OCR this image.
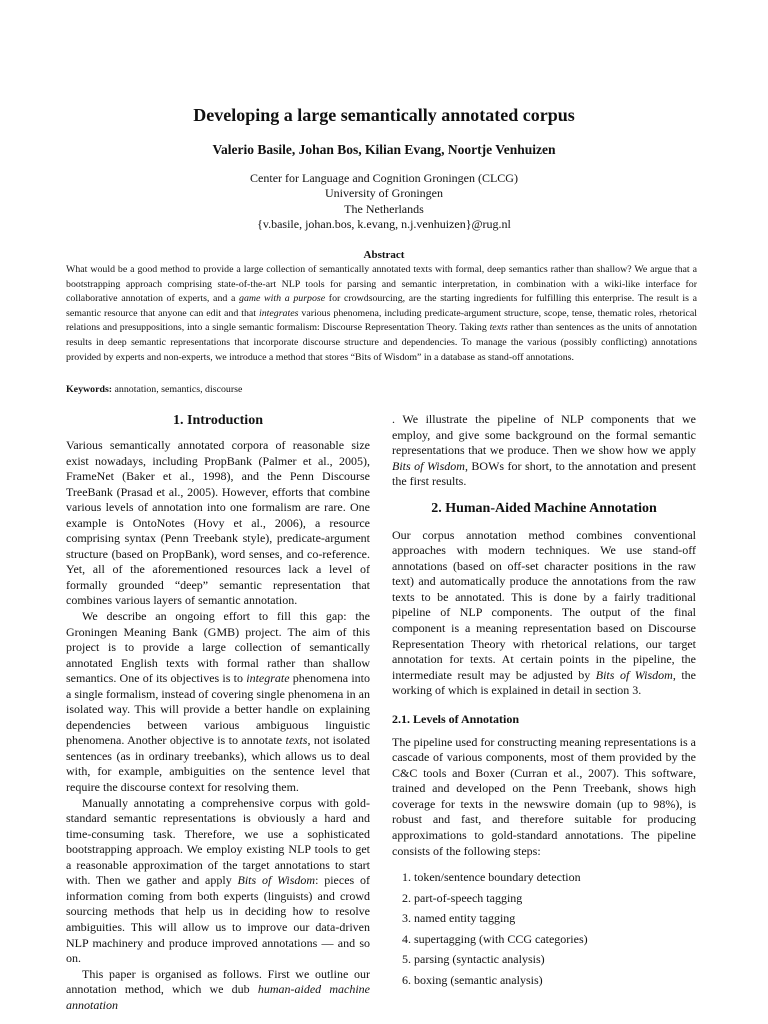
Developing a large semantically annotated corpus
Valerio Basile, Johan Bos, Kilian Evang, Noortje Venhuizen
Center for Language and Cognition Groningen (CLCG)
University of Groningen
The Netherlands
{v.basile, johan.bos, k.evang, n.j.venhuizen}@rug.nl
Abstract

What would be a good method to provide a large collection of semantically annotated texts with formal, deep semantics rather than shallow? We argue that a bootstrapping approach comprising state-of-the-art NLP tools for parsing and semantic interpretation, in combination with a wiki-like interface for collaborative annotation of experts, and a game with a purpose for crowdsourcing, are the starting ingredients for fulfilling this enterprise. The result is a semantic resource that anyone can edit and that integrates various phenomena, including predicate-argument structure, scope, tense, thematic roles, rhetorical relations and presuppositions, into a single semantic formalism: Discourse Representation Theory. Taking texts rather than sentences as the units of annotation results in deep semantic representations that incorporate discourse structure and dependencies. To manage the various (possibly conflicting) annotations provided by experts and non-experts, we introduce a method that stores “Bits of Wisdom” in a database as stand-off annotations.

Keywords: annotation, semantics, discourse

1. Introduction

Various semantically annotated corpora of reasonable size exist nowadays, including PropBank (Palmer et al., 2005), FrameNet (Baker et al., 1998), and the Penn Discourse TreeBank (Prasad et al., 2005). However, efforts that combine various levels of annotation into one formalism are rare. One example is OntoNotes (Hovy et al., 2006), a resource comprising syntax (Penn Treebank style), predicate-argument structure (based on PropBank), word senses, and co-reference. Yet, all of the aforementioned resources lack a level of formally grounded “deep” semantic representation that combines various layers of semantic annotation.

We describe an ongoing effort to fill this gap: the Groningen Meaning Bank (GMB) project. The aim of this project is to provide a large collection of semantically annotated English texts with formal rather than shallow semantics. One of its objectives is to integrate phenomena into a single formalism, instead of covering single phenomena in an isolated way. This will provide a better handle on explaining dependencies between various ambiguous linguistic phenomena. Another objective is to annotate texts, not isolated sentences (as in ordinary treebanks), which allows us to deal with, for example, ambiguities on the sentence level that require the discourse context for resolving them.

Manually annotating a comprehensive corpus with gold-standard semantic representations is obviously a hard and time-consuming task. Therefore, we use a sophisticated bootstrapping approach. We employ existing NLP tools to get a reasonable approximation of the target annotations to start with. Then we gather and apply Bits of Wisdom: pieces of information coming from both experts (linguists) and crowd sourcing methods that help us in deciding how to resolve ambiguities. This will allow us to improve our data-driven NLP machinery and produce improved annotations — and so on.

This paper is organised as follows. First we outline our annotation method, which we dub human-aided machine annotation

. We illustrate the pipeline of NLP components that we employ, and give some background on the formal semantic representations that we produce. Then we show how we apply Bits of Wisdom, BOWs for short, to the annotation and present the first results.

2. Human-Aided Machine Annotation

Our corpus annotation method combines conventional approaches with modern techniques. We use stand-off annotations (based on off-set character positions in the raw text) and automatically produce the annotations from the raw texts to be annotated. This is done by a fairly traditional pipeline of NLP components. The output of the final component is a meaning representation based on Discourse Representation Theory with rhetorical relations, our target annotation for texts. At certain points in the pipeline, the intermediate result may be adjusted by Bits of Wisdom, the working of which is explained in detail in section 3.

2.1. Levels of Annotation

The pipeline used for constructing meaning representations is a cascade of various components, most of them provided by the C&C tools and Boxer (Curran et al., 2007). This software, trained and developed on the Penn Treebank, shows high coverage for texts in the newswire domain (up to 98%), is robust and fast, and therefore suitable for producing approximations to gold-standard annotations. The pipeline consists of the following steps:

1. token/sentence boundary detection
2. part-of-speech tagging
3. named entity tagging
4. supertagging (with CCG categories)
5. parsing (syntactic analysis)
6. boxing (semantic analysis)
